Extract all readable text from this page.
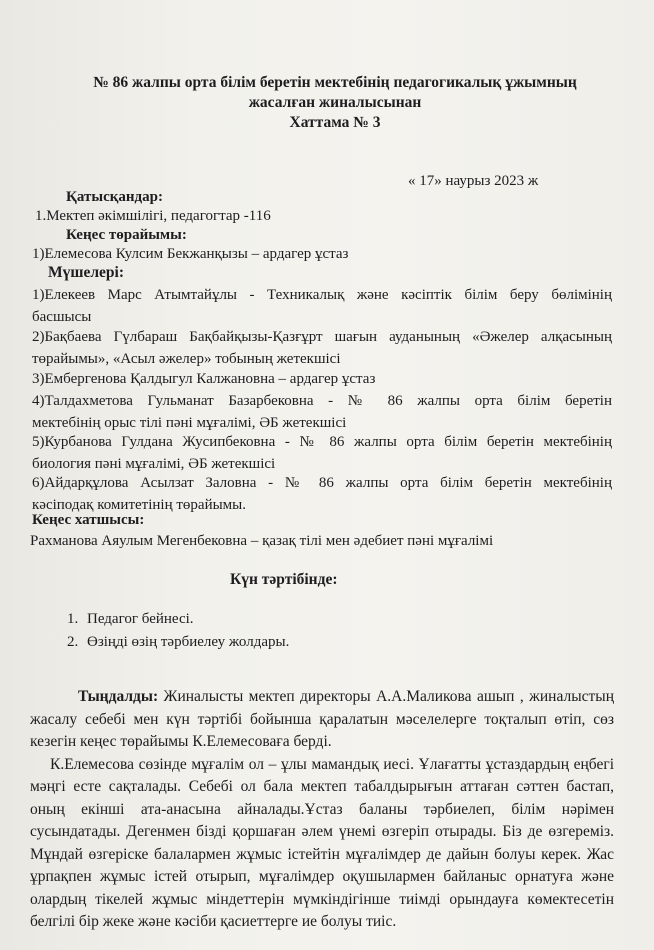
№ 86 жалпы орта білім беретін мектебінің педагогикалық ұжымның
жасалған жиналысынан
Хаттама № 3
« 17» наурыз 2023 ж
Қатысқандар:
1.Мектеп әкімшілігі, педагогтар -116
Кеңес төрайымы:
1)Елемесова Кулсим Бекжанқызы – ардагер ұстаз
Мүшелері:
1)Елекеев Марс Атымтайұлы - Техникалық және кәсіптік білім беру бөлімінің
басшысы
2)Бақбаева Гүлбараш Бақбайқызы-Қазғұрт шағын ауданының «Әжелер алқасының
төрайымы», «Асыл әжелер» тобының жетекшісі
3)Ембергенова Қалдыгул Калжановна – ардагер ұстаз
4)Талдахметова Гульманат Базарбековна - № 86 жалпы орта білім беретін
мектебінің орыс тілі пәні мұғалімі, ӘБ жетекшісі
5)Курбанова Гулдана Жусипбековна - № 86 жалпы орта білім беретін мектебінің
биология пәні мұғалімі, ӘБ жетекшісі
6)Айдарқұлова Асылзат Заловна - № 86 жалпы орта білім беретін мектебінің
кәсіподақ комитетінің төрайымы.
Кеңес хатшысы:
Рахманова Аяулым Мегенбековна – қазақ тілі мен әдебиет пәні мұғалімі
Күн тәртібінде:
1. Педагог бейнесі.
2. Өзіңді өзің тәрбиелеу жолдары.

Тыңдалды: Жиналысты мектеп директоры А.А.Маликова ашып , жиналыстың жасалу себебі мен күн тәртібі бойынша қаралатын мәселелерге тоқталып өтіп, сөз кезегін кеңес төрайымы К.Елемесоваға берді.

К.Елемесова сөзінде мұғалім ол – ұлы мамандық иесі. Ұлағатты ұстаздардың еңбегі мәңгі есте сақталады. Себебі ол бала мектеп табалдырығын аттаған сәттен бастап, оның екінші ата-анасына айналады.Ұстаз баланы тәрбиелеп, білім нәрімен сусындатады. Дегенмен бізді қоршаған әлем үнемі өзгеріп отырады. Біз де өзгереміз. Мұндай өзгеріске балалармен жұмыс істейтін мұғалімдер де дайын болуы керек. Жас ұрпақпен жұмыс істей отырып, мұғалімдер оқушылармен байланыс орнатуға және олардың тікелей жұмыс міндеттерін мүмкіндігінше тиімді орындауға көмектесетін белгілі бір жеке және кәсіби қасиеттерге ие болуы тиіс.
